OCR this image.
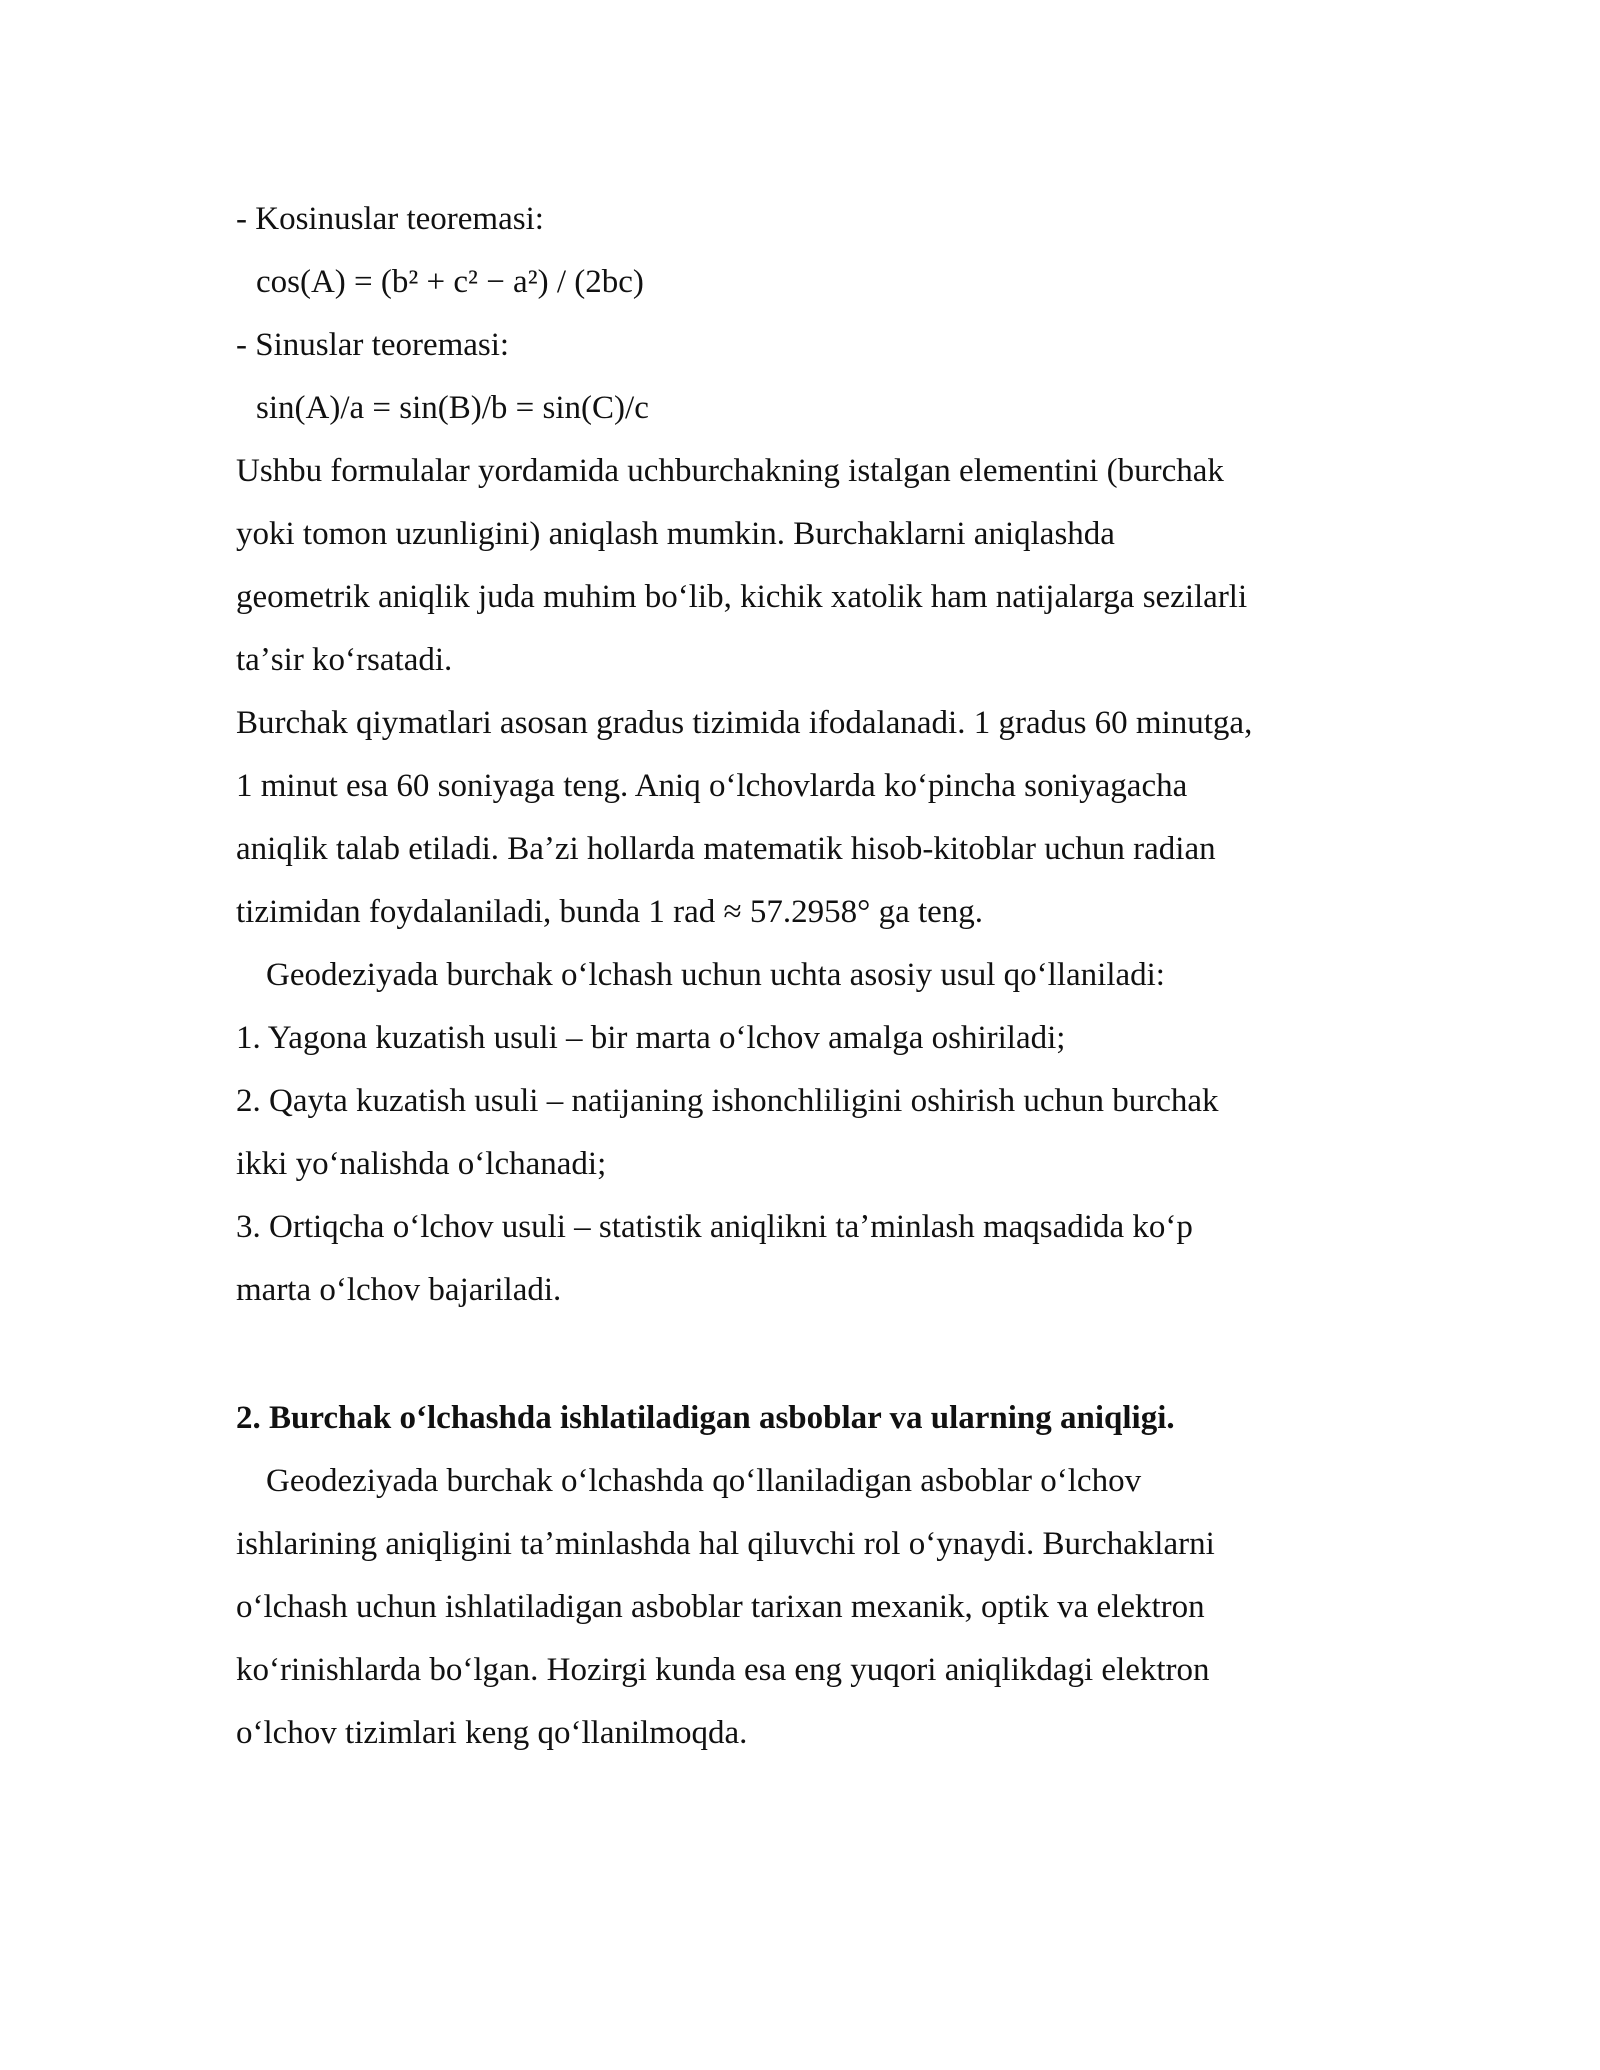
- Kosinuslar teoremasi:
cos(A) = (b² + c² − a²) / (2bc)
- Sinuslar teoremasi:
sin(A)/a = sin(B)/b = sin(C)/c
Ushbu formulalar yordamida uchburchakning istalgan elementini (burchak
yoki tomon uzunligini) aniqlash mumkin. Burchaklarni aniqlashda
geometrik aniqlik juda muhim boʻlib, kichik xatolik ham natijalarga sezilarli
taʼsir koʻrsatadi.
Burchak qiymatlari asosan gradus tizimida ifodalanadi. 1 gradus 60 minutga,
1 minut esa 60 soniyaga teng. Aniq oʻlchovlarda koʻpincha soniyagacha
aniqlik talab etiladi. Baʼzi hollarda matematik hisob-kitoblar uchun radian
tizimidan foydalaniladi, bunda 1 rad ≈ 57.2958° ga teng.
Geodeziyada burchak oʻlchash uchun uchta asosiy usul qoʻllaniladi:
1. Yagona kuzatish usuli – bir marta oʻlchov amalga oshiriladi;
2. Qayta kuzatish usuli – natijaning ishonchliligini oshirish uchun burchak
ikki yoʻnalishda oʻlchanadi;
3. Ortiqcha oʻlchov usuli – statistik aniqlikni taʼminlash maqsadida koʻp
marta oʻlchov bajariladi.
2. Burchak oʻlchashda ishlatiladigan asboblar va ularning aniqligi.
Geodeziyada burchak oʻlchashda qoʻllaniladigan asboblar oʻlchov
ishlarining aniqligini taʼminlashda hal qiluvchi rol oʻynaydi. Burchaklarni
oʻlchash uchun ishlatiladigan asboblar tarixan mexanik, optik va elektron
koʻrinishlarda boʻlgan. Hozirgi kunda esa eng yuqori aniqlikdagi elektron
oʻlchov tizimlari keng qoʻllanilmoqda.
